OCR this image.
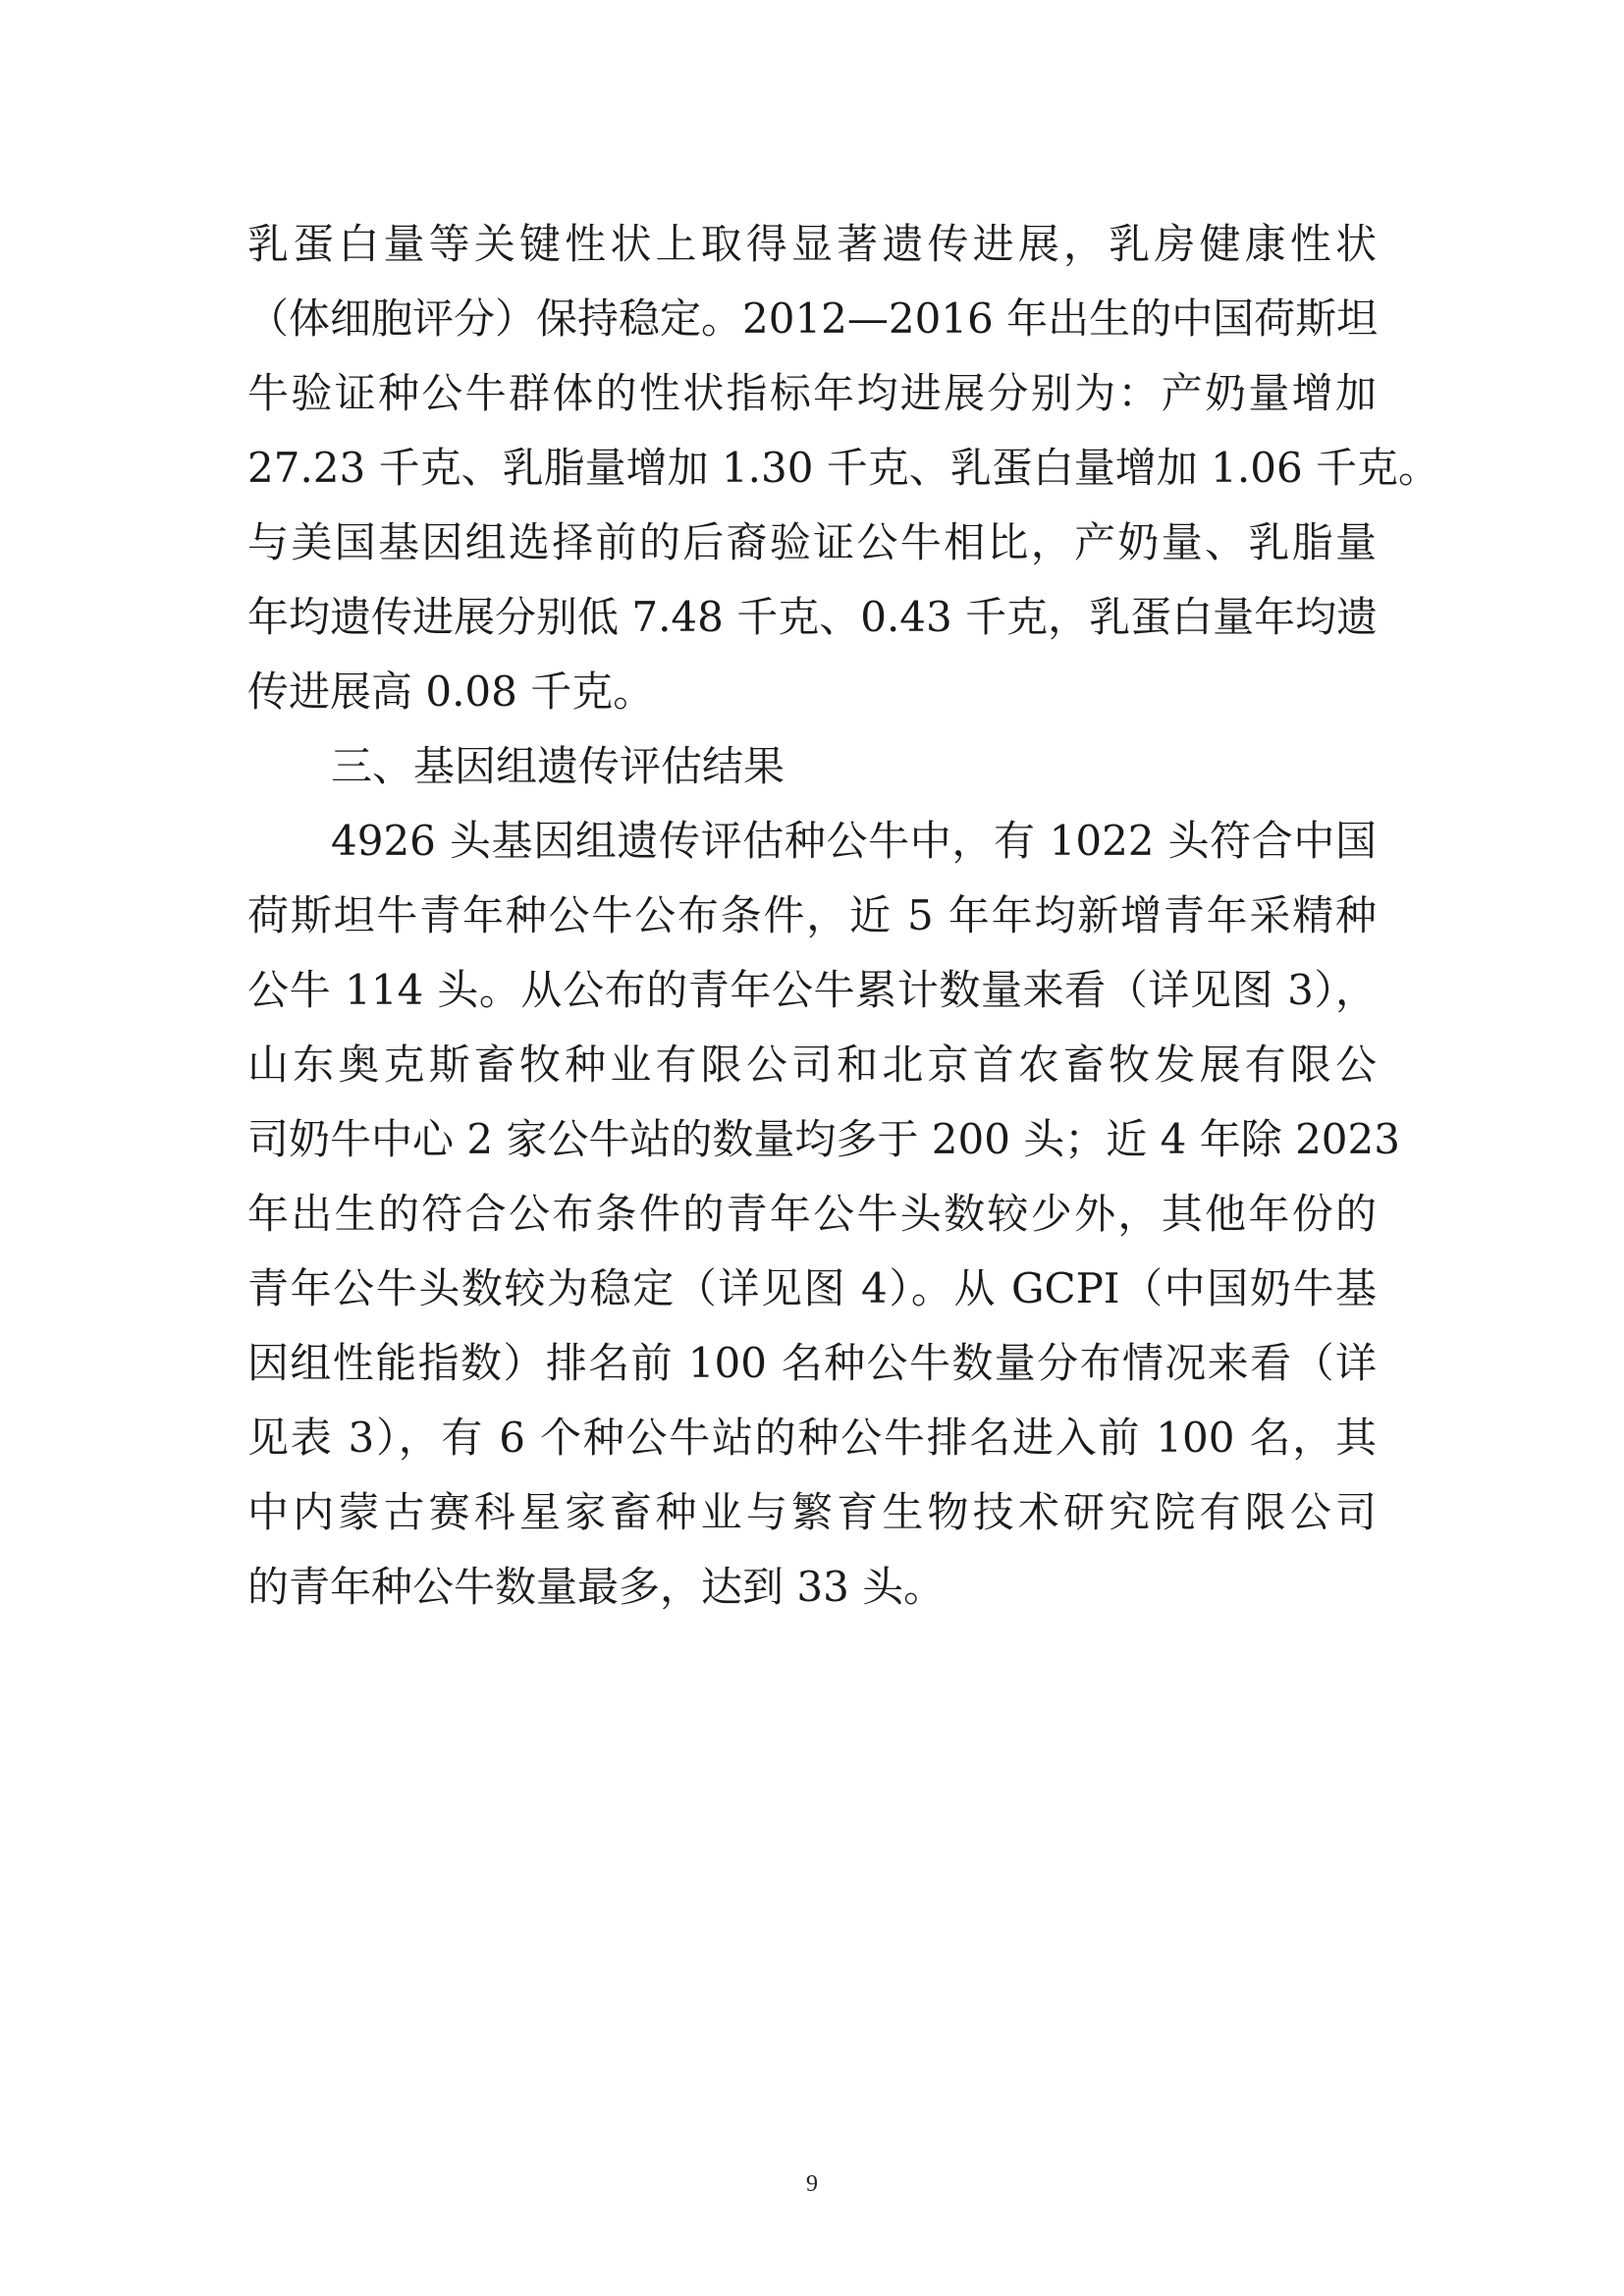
乳蛋白量等关键性状上取得显著遗传进展，乳房健康性状
（体细胞评分）保持稳定。2012—2016 年出生的中国荷斯坦
牛验证种公牛群体的性状指标年均进展分别为：产奶量增加
27.23 千克、乳脂量增加 1.30 千克、乳蛋白量增加 1.06 千克。
与美国基因组选择前的后裔验证公牛相比，产奶量、乳脂量
年均遗传进展分别低 7.48 千克、0.43 千克，乳蛋白量年均遗
传进展高 0.08 千克。
三、基因组遗传评估结果
4926 头基因组遗传评估种公牛中，有 1022 头符合中国
荷斯坦牛青年种公牛公布条件，近 5 年年均新增青年采精种
公牛 114 头。从公布的青年公牛累计数量来看（详见图 3），
山东奥克斯畜牧种业有限公司和北京首农畜牧发展有限公
司奶牛中心 2 家公牛站的数量均多于 200 头；近 4 年除 2023
年出生的符合公布条件的青年公牛头数较少外，其他年份的
青年公牛头数较为稳定（详见图 4）。从 GCPI（中国奶牛基
因组性能指数）排名前 100 名种公牛数量分布情况来看（详
见表 3），有 6 个种公牛站的种公牛排名进入前 100 名，其
中内蒙古赛科星家畜种业与繁育生物技术研究院有限公司
的青年种公牛数量最多，达到 33 头。
9
